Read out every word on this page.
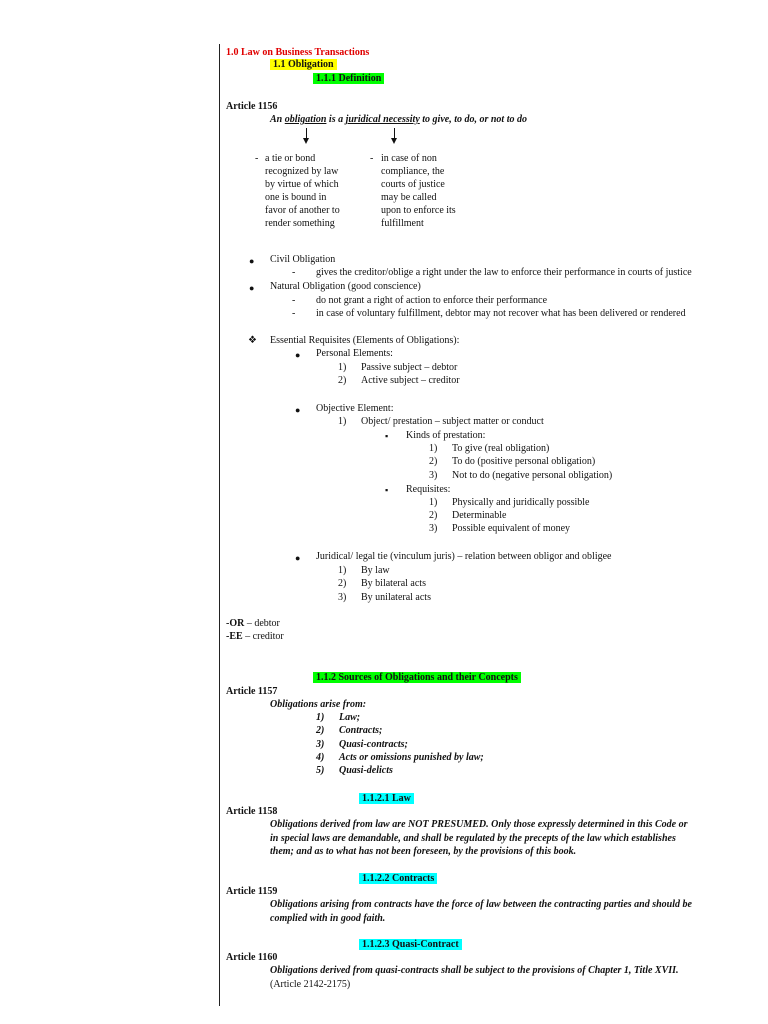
1.0 Law on Business Transactions
1.1 Obligation
1.1.1 Definition
Article 1156
An obligation is a juridical necessity to give, to do, or not to do
- a tie or bond
recognized by law
by virtue of which
one is bound in
favor of another to
render something
- in case of non
compliance, the
courts of justice
may be called
upon to enforce its
fulfillment
● Civil Obligation
- gives the creditor/oblige a right under the law to enforce their performance in courts of justice
● Natural Obligation (good conscience)
- do not grant a right of action to enforce their performance
- in case of voluntary fulfillment, debtor may not recover what has been delivered or rendered
❖ Essential Requisites (Elements of Obligations):
● Personal Elements:
1) Passive subject – debtor
2) Active subject – creditor
● Objective Element:
1) Object/ prestation – subject matter or conduct
▪ Kinds of prestation:
1) To give (real obligation)
2) To do (positive personal obligation)
3) Not to do (negative personal obligation)
▪ Requisites:
1) Physically and juridically possible
2) Determinable
3) Possible equivalent of money
● Juridical/ legal tie (vinculum juris) – relation between obligor and obligee
1) By law
2) By bilateral acts
3) By unilateral acts
-OR – debtor
-EE – creditor
1.1.2 Sources of Obligations and their Concepts
Article 1157
Obligations arise from:
1) Law;
2) Contracts;
3) Quasi-contracts;
4) Acts or omissions punished by law;
5) Quasi-delicts
1.1.2.1 Law
Article 1158
Obligations derived from law are NOT PRESUMED. Only those expressly determined in this Code or
in special laws are demandable, and shall be regulated by the precepts of the law which establishes
them; and as to what has not been foreseen, by the provisions of this book.
1.1.2.2 Contracts
Article 1159
Obligations arising from contracts have the force of law between the contracting parties and should be
complied with in good faith.
1.1.2.3 Quasi-Contract
Article 1160
Obligations derived from quasi-contracts shall be subject to the provisions of Chapter 1, Title XVII.
(Article 2142-2175)
